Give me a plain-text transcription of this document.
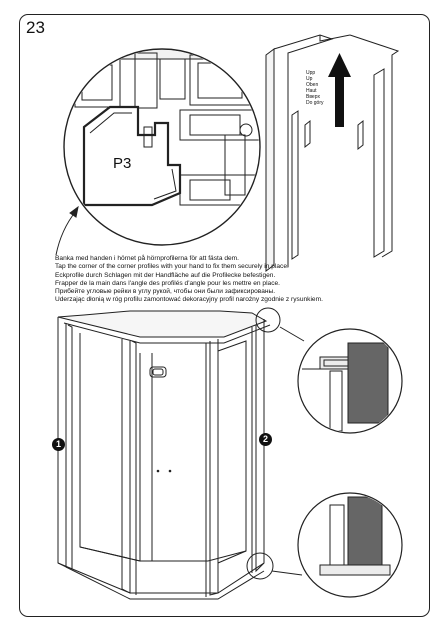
23
P3
Upp
Up
Oben
Haut
Вверх
Do góry
Banka med handen i hörnet på hörnprofilerna för att fästa dem.
Tap the corner of the corner profiles with your hand to fix them securely in place.
Eckprofile durch Schlagen mit der Handfläche auf die Profilecke befestigen.
Frapper de la main dans l'angle des profilés d'angle pour les mettre en place.
Прибейте угловые рейки в углу рукой, чтобы они были зафиксированы.
Uderzając dłonią w róg profilu zamontować dekoracyjny profil narożny zgodnie z rysunkiem.
1	2
